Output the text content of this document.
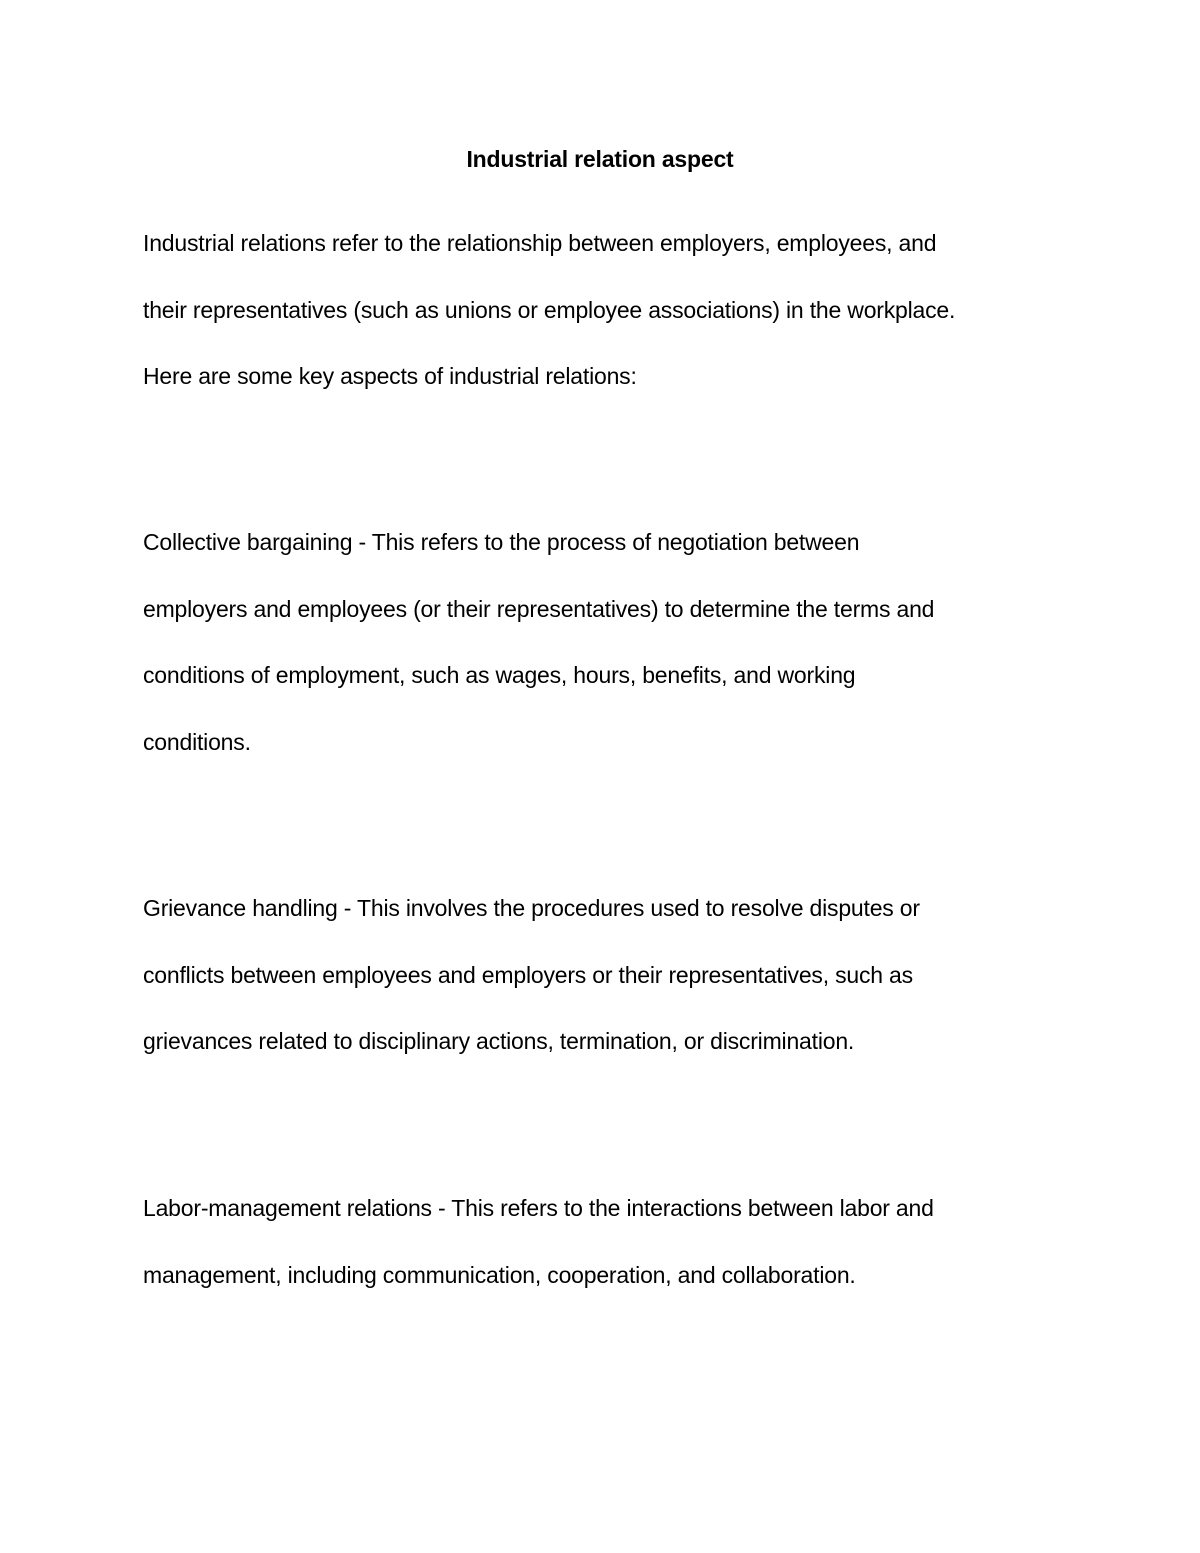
Industrial relation aspect

Industrial relations refer to the relationship between employers, employees, and
their representatives (such as unions or employee associations) in the workplace.
Here are some key aspects of industrial relations:

Collective bargaining - This refers to the process of negotiation between
employers and employees (or their representatives) to determine the terms and
conditions of employment, such as wages, hours, benefits, and working
conditions.

Grievance handling - This involves the procedures used to resolve disputes or
conflicts between employees and employers or their representatives, such as
grievances related to disciplinary actions, termination, or discrimination.

Labor-management relations - This refers to the interactions between labor and
management, including communication, cooperation, and collaboration.
